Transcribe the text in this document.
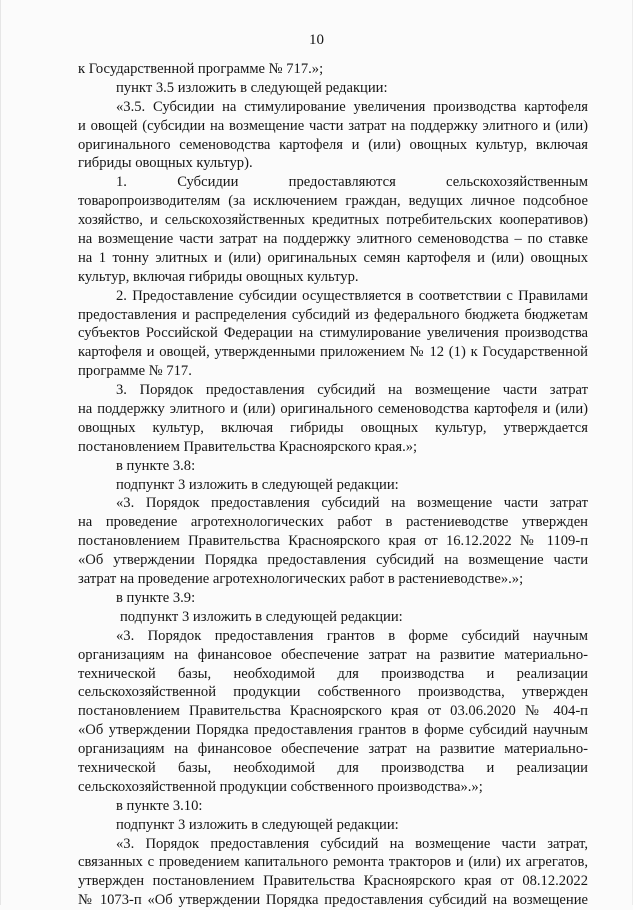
10
к Государственной программе № 717.»;
пункт 3.5 изложить в следующей редакции:
«3.5. Субсидии на стимулирование увеличения производства картофеля
и овощей (субсидии на возмещение части затрат на поддержку элитного и (или)
оригинального семеноводства картофеля и (или) овощных культур, включая
гибриды овощных культур).
1. Субсидии предоставляются сельскохозяйственным
товаропроизводителям (за исключением граждан, ведущих личное подсобное
хозяйство, и сельскохозяйственных кредитных потребительских кооперативов)
на возмещение части затрат на поддержку элитного семеноводства – по ставке
на 1 тонну элитных и (или) оригинальных семян картофеля и (или) овощных
культур, включая гибриды овощных культур.
2. Предоставление субсидии осуществляется в соответствии с Правилами
предоставления и распределения субсидий из федерального бюджета бюджетам
субъектов Российской Федерации на стимулирование увеличения производства
картофеля и овощей, утвержденными приложением № 12 (1) к Государственной
программе № 717.
3. Порядок предоставления субсидий на возмещение части затрат
на поддержку элитного и (или) оригинального семеноводства картофеля и (или)
овощных культур, включая гибриды овощных культур, утверждается
постановлением Правительства Красноярского края.»;
в пункте 3.8:
подпункт 3 изложить в следующей редакции:
«3. Порядок предоставления субсидий на возмещение части затрат
на проведение агротехнологических работ в растениеводстве утвержден
постановлением Правительства Красноярского края от 16.12.2022 № 1109-п
«Об утверждении Порядка предоставления субсидий на возмещение части
затрат на проведение агротехнологических работ в растениеводстве».»;
в пункте 3.9:
подпункт 3 изложить в следующей редакции:
«3. Порядок предоставления грантов в форме субсидий научным
организациям на финансовое обеспечение затрат на развитие материально-
технической базы, необходимой для производства и реализации
сельскохозяйственной продукции собственного производства, утвержден
постановлением Правительства Красноярского края от 03.06.2020 № 404-п
«Об утверждении Порядка предоставления грантов в форме субсидий научным
организациям на финансовое обеспечение затрат на развитие материально-
технической базы, необходимой для производства и реализации
сельскохозяйственной продукции собственного производства».»;
в пункте 3.10:
подпункт 3 изложить в следующей редакции:
«3. Порядок предоставления субсидий на возмещение части затрат,
связанных с проведением капитального ремонта тракторов и (или) их агрегатов,
утвержден постановлением Правительства Красноярского края от 08.12.2022
№ 1073-п «Об утверждении Порядка предоставления субсидий на возмещение
